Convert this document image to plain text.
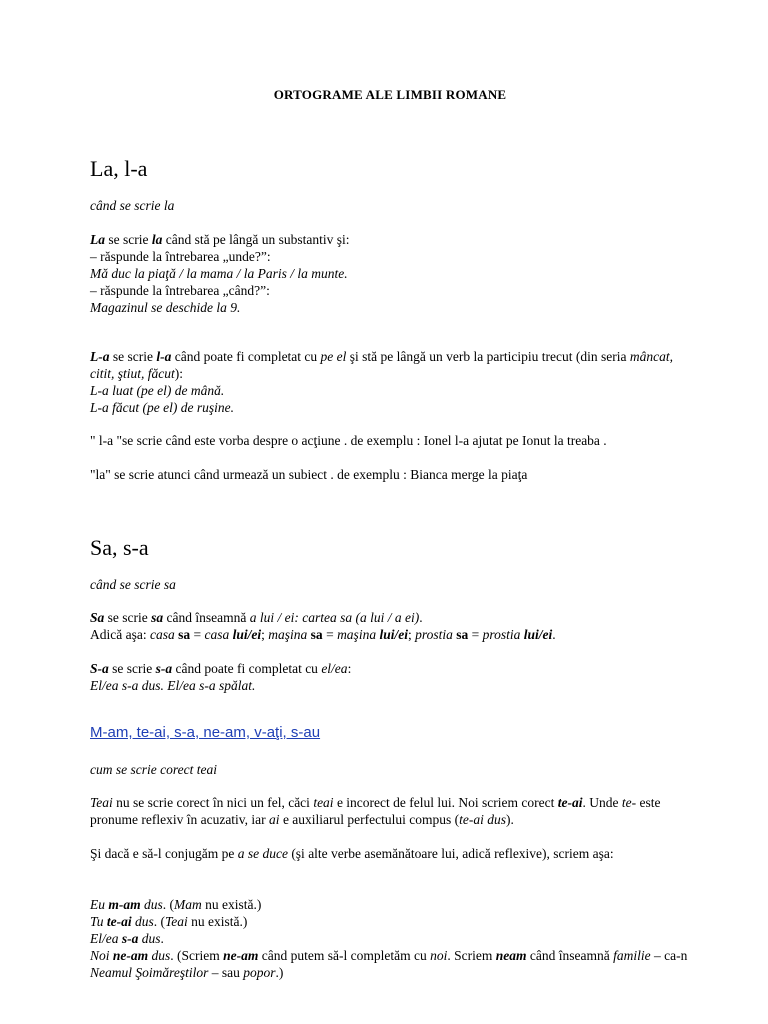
ORTOGRAME ALE LIMBII ROMANE
La, l-a
când se scrie la

La se scrie la când stă pe lângă un substantiv şi:

– răspunde la întrebarea „unde?”:

Mă duc la piaţă / la mama / la Paris / la munte.

– răspunde la întrebarea „când?”:

Magazinul se deschide la 9.

L-a se scrie l-a când poate fi completat cu pe el şi stă pe lângă un verb la participiu trecut (din seria mâncat, citit, ştiut, făcut):

L-a luat (pe el) de mână.

L-a făcut (pe el) de ruşine.

" l-a "se scrie când este vorba despre o acţiune . de exemplu : Ionel l-a ajutat pe Ionut la treaba .
"la" se scrie atunci când urmează un subiect . de exemplu : Bianca merge la piaţa
Sa, s-a
când se scrie sa

Sa se scrie sa când înseamnă a lui / ei: cartea sa (a lui / a ei).

Adică aşa: casa sa = casa lui/ei; maşina sa = maşina lui/ei; prostia sa = prostia lui/ei.

S-a se scrie s-a când poate fi completat cu el/ea:

El/ea s-a dus. El/ea s-a spălat.

M-am, te-ai, s-a, ne-am, v-aţi, s-au
cum se scrie corect teai

Teai nu se scrie corect în nici un fel, căci teai e incorect de felul lui. Noi scriem corect te-ai. Unde te- este pronume reflexiv în acuzativ, iar ai e auxiliarul perfectului compus (te-ai dus).

Şi dacă e să-l conjugăm pe a se duce (şi alte verbe asemănătoare lui, adică reflexive), scriem aşa:

Eu m-am dus. (Mam nu există.)

Tu te-ai dus. (Teai nu există.)

El/ea s-a dus.

Noi ne-am dus. (Scriem ne-am când putem să-l completăm cu noi. Scriem neam când înseamnă familie – ca-n Neamul Şoimăreştilor – sau popor.)
